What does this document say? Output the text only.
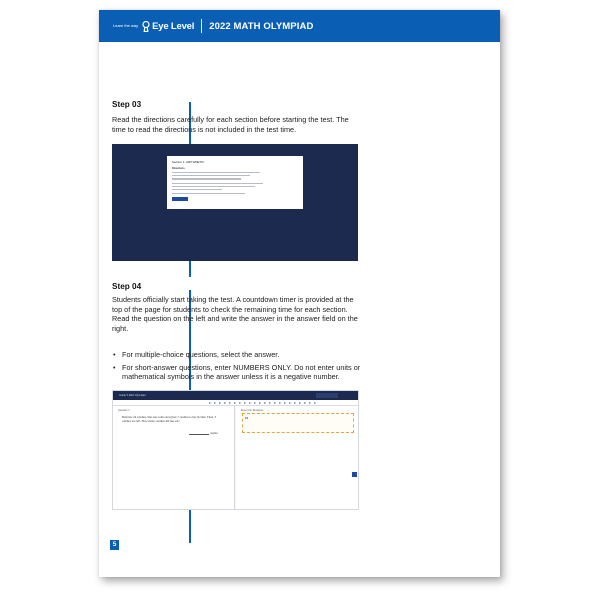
Learn the way Eye Level 2022 MATH OLYMPIAD
Step 03
Read the directions carefully for each section before starting the test. The time to read the directions is not included in the test time.
Section 1: ARITHMETIC
Directions
Step 04
Students officially start taking the test. A countdown timer is provided at the top of the page for students to check the remaining time for each section. Read the question on the left and write the answer in the answer field on the right.
• For multiple-choice questions, select the answer.
• For short-answer questions, enter NUMBERS ONLY. Do not enter units or mathematical symbols in the answer unless it is a negative number.
Grade 5 Math Olympiad
Question 1
Beth has 24 candies. She eats some and gives 7 candies to her brother. Then, 3 candies are left. How many candies did she eat?
candies
Enter your Response
14
5
